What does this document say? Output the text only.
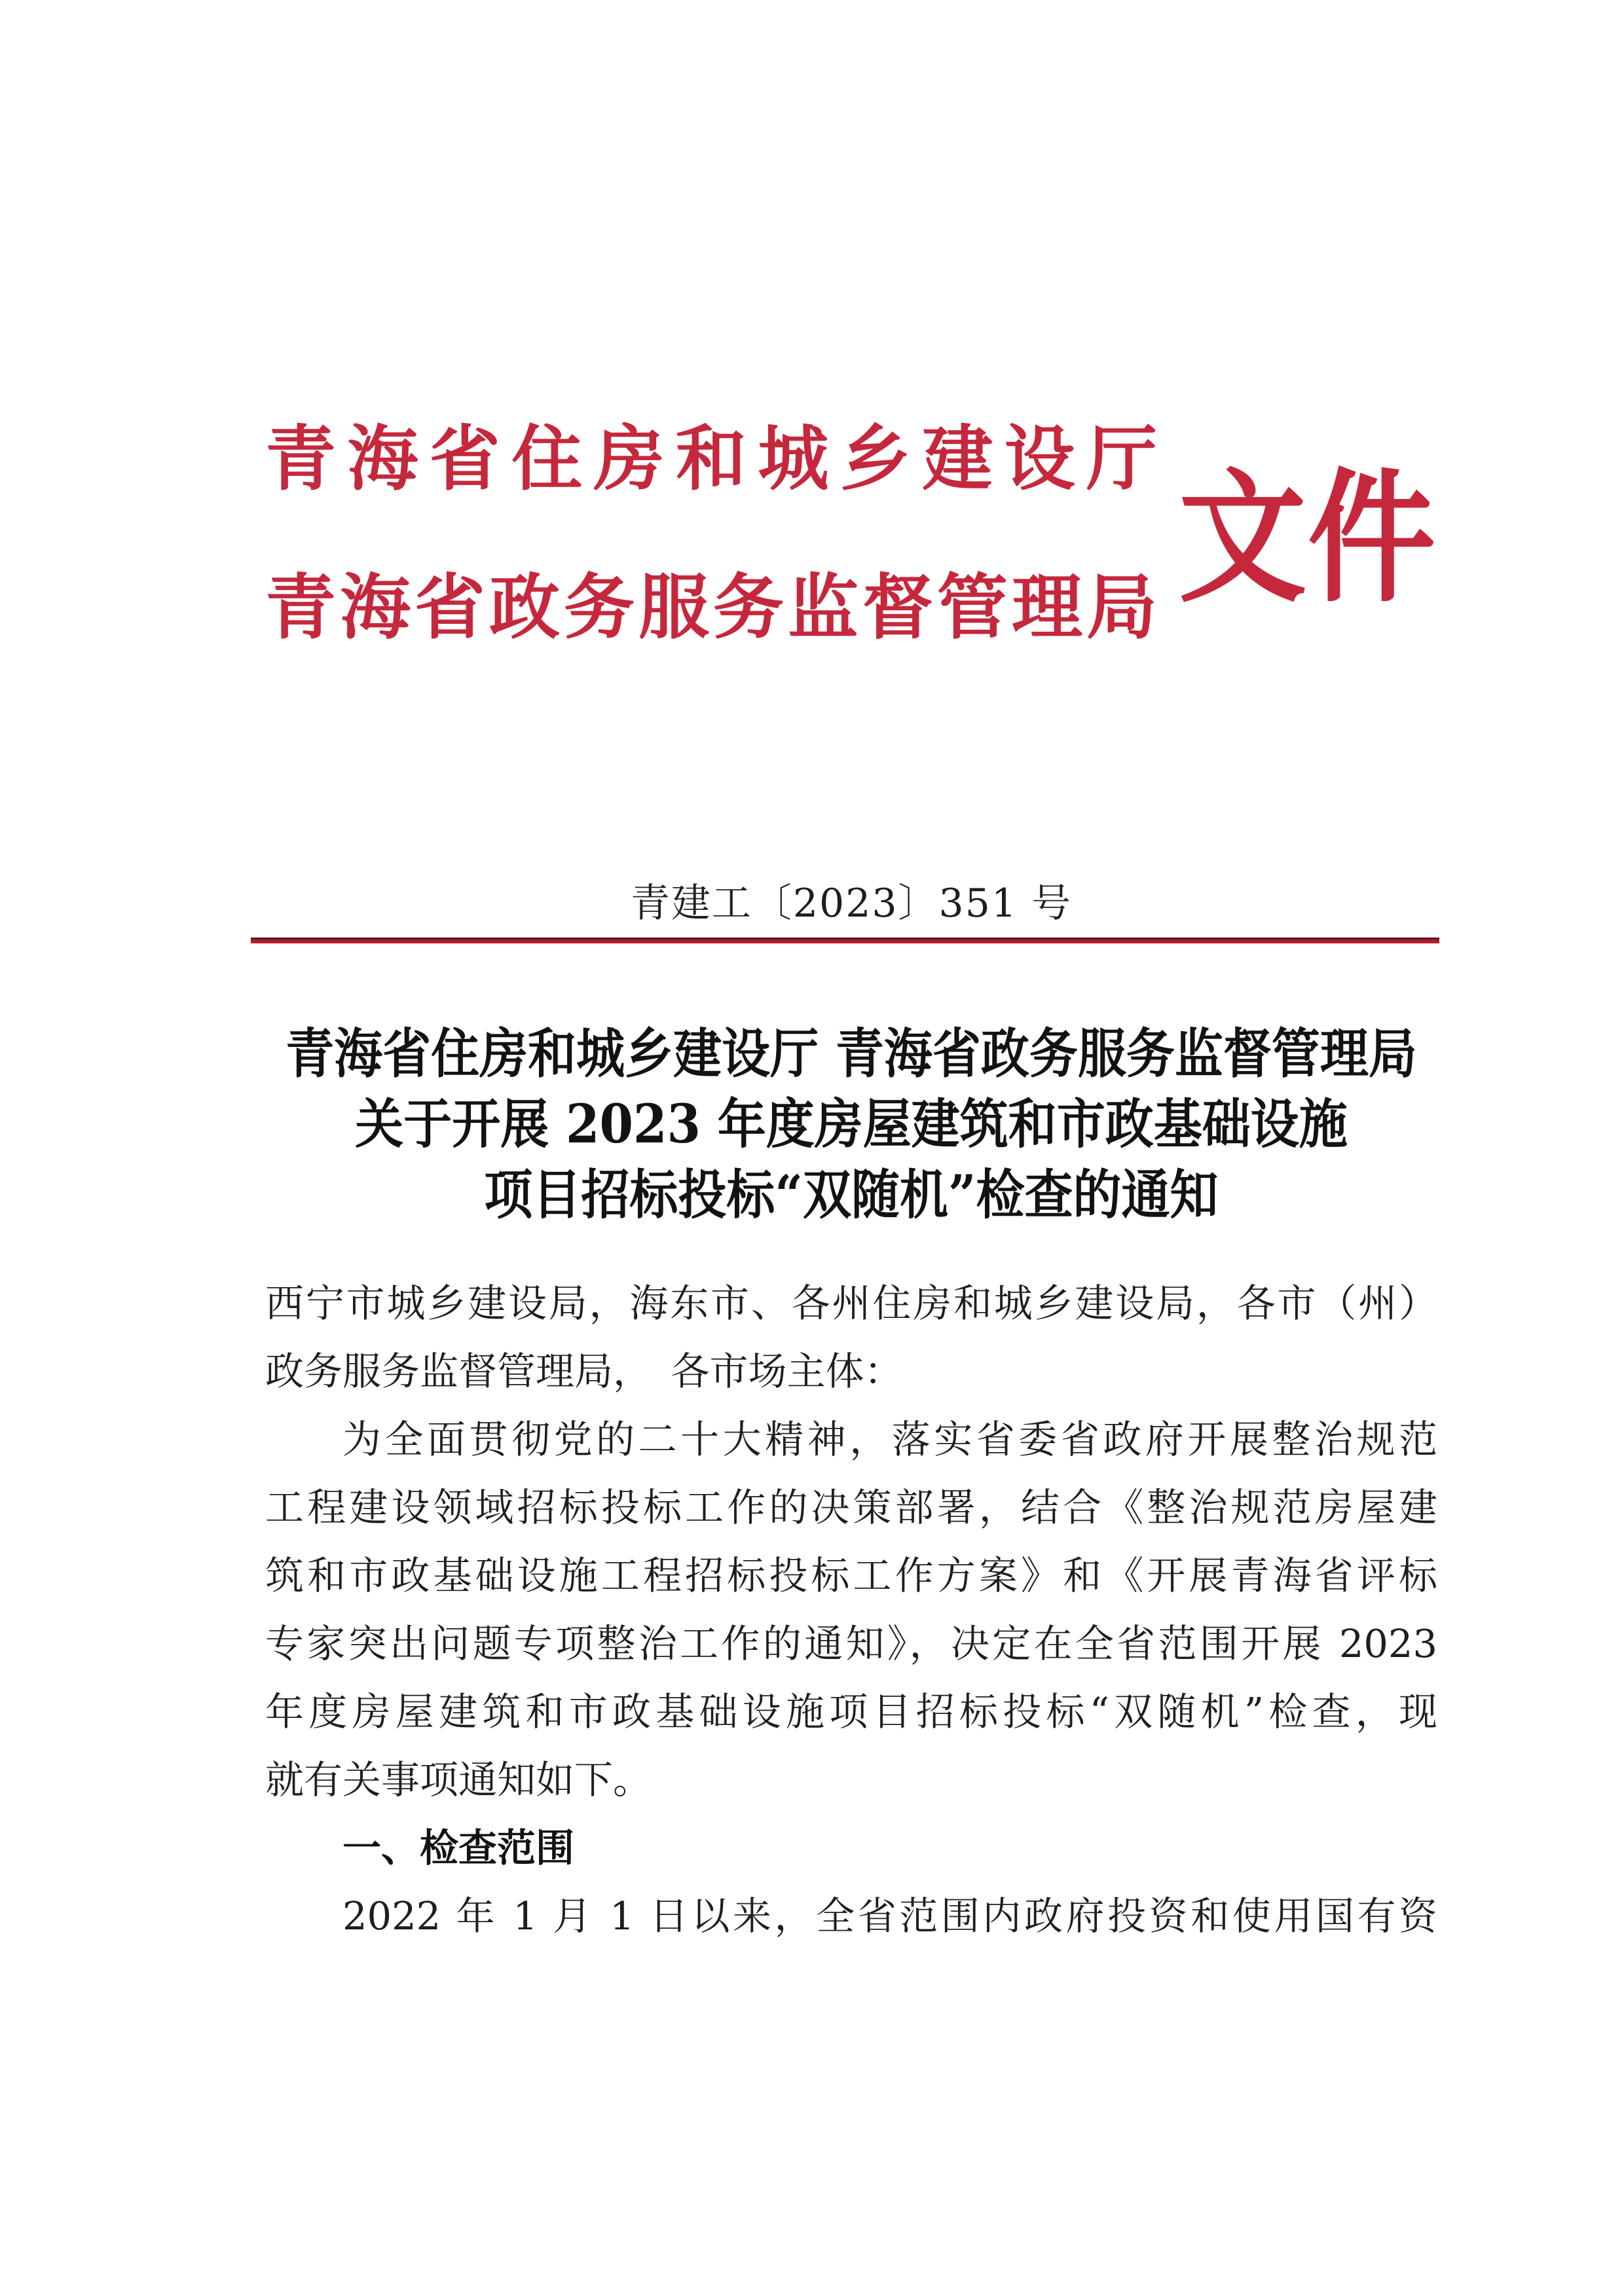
青海省住房和城乡建设厅
青海省政务服务监督管理局 文件
青建工〔2023〕351 号
青海省住房和城乡建设厅 青海省政务服务监督管理局
关于开展 2023 年度房屋建筑和市政基础设施
项目招标投标“双随机”检查的通知
西宁市城乡建设局，海东市、各州住房和城乡建设局，各市（州）
政务服务监督管理局，　各市场主体：
为全面贯彻党的二十大精神，落实省委省政府开展整治规范
工程建设领域招标投标工作的决策部署，结合《整治规范房屋建
筑和市政基础设施工程招标投标工作方案》和《开展青海省评标
专家突出问题专项整治工作的通知》，决定在全省范围开展 2023
年度房屋建筑和市政基础设施项目招标投标“双随机”检查，现
就有关事项通知如下。
一、检查范围
2022 年 1 月 1 日以来，全省范围内政府投资和使用国有资
